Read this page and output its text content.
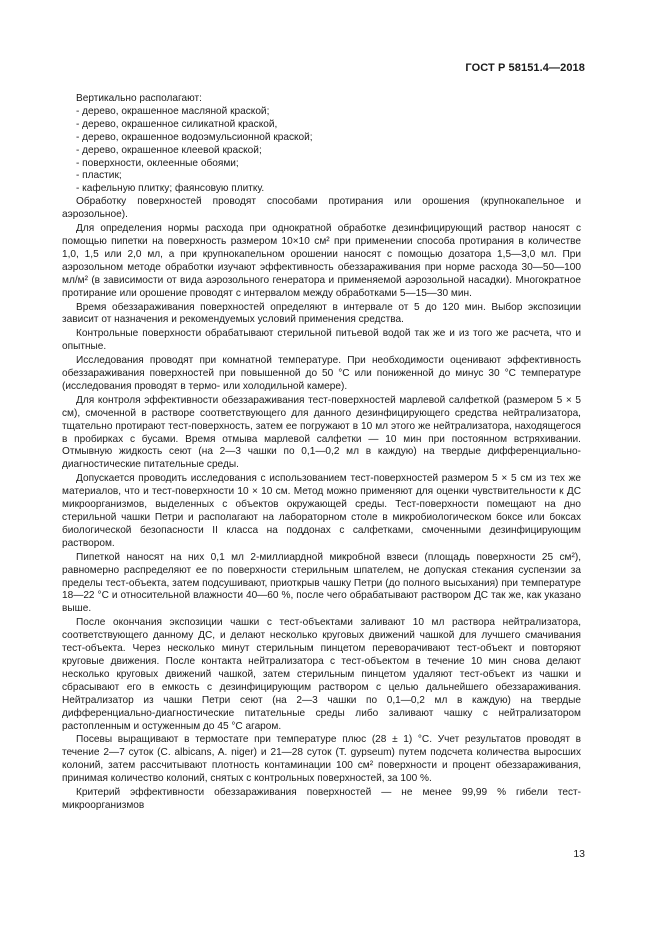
ГОСТ Р 58151.4—2018
Вертикально располагают:
- дерево, окрашенное масляной краской;
- дерево, окрашенное силикатной краской,
- дерево, окрашенное водоэмульсионной краской;
- дерево, окрашенное клеевой краской;
- поверхности, оклеенные обоями;
- пластик;
- кафельную плитку; фаянсовую плитку.

Обработку поверхностей проводят способами протирания или орошения (крупнокапельное и аэрозольное).

Для определения нормы расхода при однократной обработке дезинфицирующий раствор наносят с помощью пипетки на поверхность размером 10×10 см² при применении способа протирания в количестве 1,0, 1,5 или 2,0 мл, а при крупнокапельном орошении наносят с помощью дозатора 1,5—3,0 мл. При аэрозольном методе обработки изучают эффективность обеззараживания при норме расхода 30—50—100 мл/м² (в зависимости от вида аэрозольного генератора и применяемой аэрозольной насадки). Многократное протирание или орошение проводят с интервалом между обработками 5—15—30 мин.

Время обеззараживания поверхностей определяют в интервале от 5 до 120 мин. Выбор экспозиции зависит от назначения и рекомендуемых условий применения средства.

Контрольные поверхности обрабатывают стерильной питьевой водой так же и из того же расчета, что и опытные.

Исследования проводят при комнатной температуре. При необходимости оценивают эффективность обеззараживания поверхностей при повышенной до 50 °С или пониженной до минус 30 °С температуре (исследования проводят в термо- или холодильной камере).

Для контроля эффективности обеззараживания тест-поверхностей марлевой салфеткой (размером 5 × 5 см), смоченной в растворе соответствующего для данного дезинфицирующего средства нейтрализатора, тщательно протирают тест-поверхность, затем ее погружают в 10 мл этого же нейтрализатора, находящегося в пробирках с бусами. Время отмыва марлевой салфетки — 10 мин при постоянном встряхивании. Отмывную жидкость сеют (на 2—3 чашки по 0,1—0,2 мл в каждую) на твердые дифференциально-диагностические питательные среды.

Допускается проводить исследования с использованием тест-поверхностей размером 5 × 5 см из тех же материалов, что и тест-поверхности 10 × 10 см. Метод можно применяют для оценки чувствительности к ДС микроорганизмов, выделенных с объектов окружающей среды. Тест-поверхности помещают на дно стерильной чашки Петри и располагают на лабораторном столе в микробиологическом боксе или боксах биологической безопасности II класса на поддонах с салфетками, смоченными дезинфицирующим раствором.

Пипеткой наносят на них 0,1 мл 2-миллиардной микробной взвеси (площадь поверхности 25 см²), равномерно распределяют ее по поверхности стерильным шпателем, не допуская стекания суспензии за пределы тест-объекта, затем подсушивают, приоткрыв чашку Петри (до полного высыхания) при температуре 18—22 °С и относительной влажности 40—60 %, после чего обрабатывают раствором ДС так же, как указано выше.

После окончания экспозиции чашки с тест-объектами заливают 10 мл раствора нейтрализатора, соответствующего данному ДС, и делают несколько круговых движений чашкой для лучшего смачивания тест-объекта. Через несколько минут стерильным пинцетом переворачивают тест-объект и повторяют круговые движения. После контакта нейтрализатора с тест-объектом в течение 10 мин снова делают несколько круговых движений чашкой, затем стерильным пинцетом удаляют тест-объект из чашки и сбрасывают его в емкость с дезинфицирующим раствором с целью дальнейшего обеззараживания. Нейтрализатор из чашки Петри сеют (на 2—3 чашки по 0,1—0,2 мл в каждую) на твердые дифференциально-диагностические питательные среды либо заливают чашку с нейтрализатором растопленным и остуженным до 45 °С агаром.

Посевы выращивают в термостате при температуре плюс (28 ± 1) °С. Учет результатов проводят в течение 2—7 суток (С. albicans, A. niger) и 21—28 суток (T. gypseum) путем подсчета количества выросших колоний, затем рассчитывают плотность контаминации 100 см² поверхности и процент обеззараживания, принимая количество колоний, снятых с контрольных поверхностей, за 100 %.

Критерий эффективности обеззараживания поверхностей — не менее 99,99 % гибели тест-микроорганизмов

13
